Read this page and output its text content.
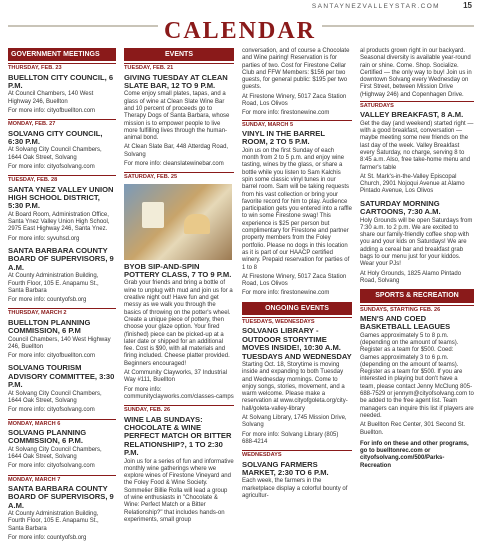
SANTAYNEZVALLEYSTAR.COM	15
CALENDAR
GOVERNMENT MEETINGS
THURSDAY, FEB. 23
BUELLTON CITY COUNCIL, 6 P.M.

At Council Chambers, 140 West Highway 246, Buellton

For more info: cityofbuellton.com

MONDAY, FEB. 27
SOLVANG CITY COUNCIL, 6:30 P.M.

At Solvang City Council Chambers, 1644 Oak Street, Solvang

For more info: cityofsolvang.com

TUESDAY, FEB. 28
SANTA YNEZ VALLEY UNION HIGH SCHOOL DISTRICT, 5:30 P.M.

At Board Room, Administration Office, Santa Ynez Valley Union High School, 2975 East Highway 246, Santa Ynez.

For more info: syvuhsd.org

SANTA BARBARA COUNTY BOARD OF SUPERVISORS, 9 A.M.

At County Administration Building, Fourth Floor, 105 E. Anapamu St., Santa Barbara

For more info: countyofsb.org

THURSDAY, MARCH 2
BUELLTON PLANNING COMMISSION, 6 P.M

Council Chambers, 140 West Highway 246, Buellton

For more info: cityofbuellton.com

SOLVANG TOURISM ADVISORY COMMITTEE, 3:30 P.M.

At Solvang City Council Chambers, 1644 Oak Street, Solvang

For more info: cityofsolvang.com

MONDAY, MARCH 6
SOLVANG PLANNING COMMISSION, 6 P.M.

At Solvang City Council Chambers, 1644 Oak Street, Solvang

For more info: cityofsolvang.com

MONDAY, MARCH 7
SANTA BARBARA COUNTY BOARD OF SUPERVISORS, 9 A.M.

At County Administration Building, Fourth Floor, 105 E. Anapamu St., Santa Barbara

For more info: countyofsb.org

EVENTS
TUESDAY, FEB. 21
GIVING TUESDAY AT CLEAN SLATE BAR, 12 TO 9 P.M.

Come enjoy small plates, tapas, and a glass of wine at Clean Slate Wine Bar and 10 percent of proceeds go to Therapy Dogs of Santa Barbara, whose mission is to empower people to live more fulfilling lives through the human-animal bond.

At Clean Slate Bar, 448 Atterdag Road, Solvang

For more info: cleanslatewinebar.com

SATURDAY, FEB. 25
BYOB SIP-AND-SPIN POTTERY CLASS, 7 TO 9 P.M.

Grab your friends and bring a bottle of wine to unplug with mud and join us for a creative night out! Have fun and get messy as we walk you through the basics of throwing on the potter's wheel. Create a unique piece of pottery, then choose your glaze option. Your fired (finished) piece can be picked-up at a later date or shipped for an additional fee. Cost is $90, with all materials and firing included. Cheese platter provided. Beginners encouraged!

At Community Clayworks, 37 Industrial Way #111, Buellton

For more info: communityclayworks.com/classes-camps

SUNDAY, FEB. 26
WINE LAB SUNDAYS: CHOCOLATE & WINE PERFECT MATCH OR BITTER RELATIONSHIP?, 1 TO 2:30 P.M.

Join us for a series of fun and informative monthly wine gatherings where we explore wines of Firestone Vineyard and the Foley Food & Wine Society. Sommelier Billie Rolla will lead a group of wine enthusiasts in "Chocolate & Wine: Perfect Match or a Bitter Relationship?" that includes hands-on experiments, small group

conversation, and of course a Chocolate and Wine pairing! Reservation is for parties of two. Cost for Firestone Cellar Club and FFW Members: $156 per two guests, for general public: $195 per two guests.

At Firestone Winery, 5017 Zaca Station Road, Los Olivos

For more info: firestonewine.com

SUNDAY, MARCH 5
VINYL IN THE BARREL ROOM, 2 TO 5 P.M.

Join us on the first Sunday of each month from 2 to 5 p.m. and enjoy wine tasting, wines by the glass, or share a bottle while you listen to Sam Kalchis spin some classic vinyl tunes in our barrel room. Sam will be taking requests from his vast collection or bring your favorite record for him to play. Audience participation gets you entered into a raffle to win some Firestone swag! This experience is $25 per person but complimentary for Firestone and partner property members from the Foley portfolio. Please no dogs in this location as it is part of our HAACP certified winery. Prepaid reservation for parties of 1 to 8

At Firestone Winery, 5017 Zaca Station Road, Los Olivos

For more info: firestonewine.com

ONGOING EVENTS
TUESDAYS, WEDNESDAYS
SOLVANG LIBRARY - OUTDOOR STORYTIME MOVES INSIDE!, 10:30 A.M. TUESDAYS AND WEDNESDAY

Starting Oct. 18, Storytime is moving inside and expanding to both Tuesday and Wednesday mornings. Come to enjoy songs, stories, movement, and a warm welcome. Please make a reservation at www.cityofgoleta.org/city-hall/goleta-valley-library

At Solvang Library, 1745 Mission Drive, Solvang

For more info: Solvang Library (805) 688-4214

WEDNESDAYS
SOLVANG FARMERS MARKET, 2:30 TO 6 P.M.

Each week, the farmers in the marketplace display a colorful bounty of agricultur-

al products grown right in our backyard. Seasonal diversity is available year-round rain or shine. Come. Shop. Socialize. Certified — the only way to buy! Join us in downtown Solvang every Wednesday on First Street, between Mission Drive (Highway 246) and Copenhagen Drive.

SATURDAYS
VALLEY BREAKFAST, 8 A.M.

Get the day (and weekend) started right — with a good breakfast, conversation — maybe meeting some new friends on the last day of the week. Valley Breakfast every Saturday, no charge, serving 8 to 8:45 a.m. Also, free take-home menu and farmer's table

At St. Mark's-in-the-Valley Episcopal Church, 2901 Nojoqui Avenue at Alamo Pintado Avenue, Los Olivos

SATURDAY MORNING CARTOONS, 7:30 A.M.

Holy Grounds will be open Saturdays from 7:30 a.m. to 2 p.m. We are excited to share our family-friendly coffee shop with you and your kids on Saturdays! We are adding a cereal bar and breakfast grab bags to our menu just for your kiddos. Wear your PJs!

At Holy Grounds, 1825 Alamo Pintado Road, Solvang

SPORTS & RECREATION
SUNDAYS, STARTING FEB. 26
MEN'S AND COED BASKETBALL LEAGUES

Games approximately 5 to 8 p.m. (depending on the amount of teams). Register as a team for $500. Coed: Games approximately 3 to 6 p.m. (depending on the amount of teams). Register as a team for $500. If you are interested in playing but don't have a team, please contact Jenny McClung 805-688-7529 or jennym@cityofsolvang.com to be added to the free agent list. Team managers can inquire this list if players are needed.

At Buellton Rec Center, 301 Second St. Buellton.

For info on these and other programs, go to buelltonrec.com or cityofsolvang.com/500/Parks-Recreation
